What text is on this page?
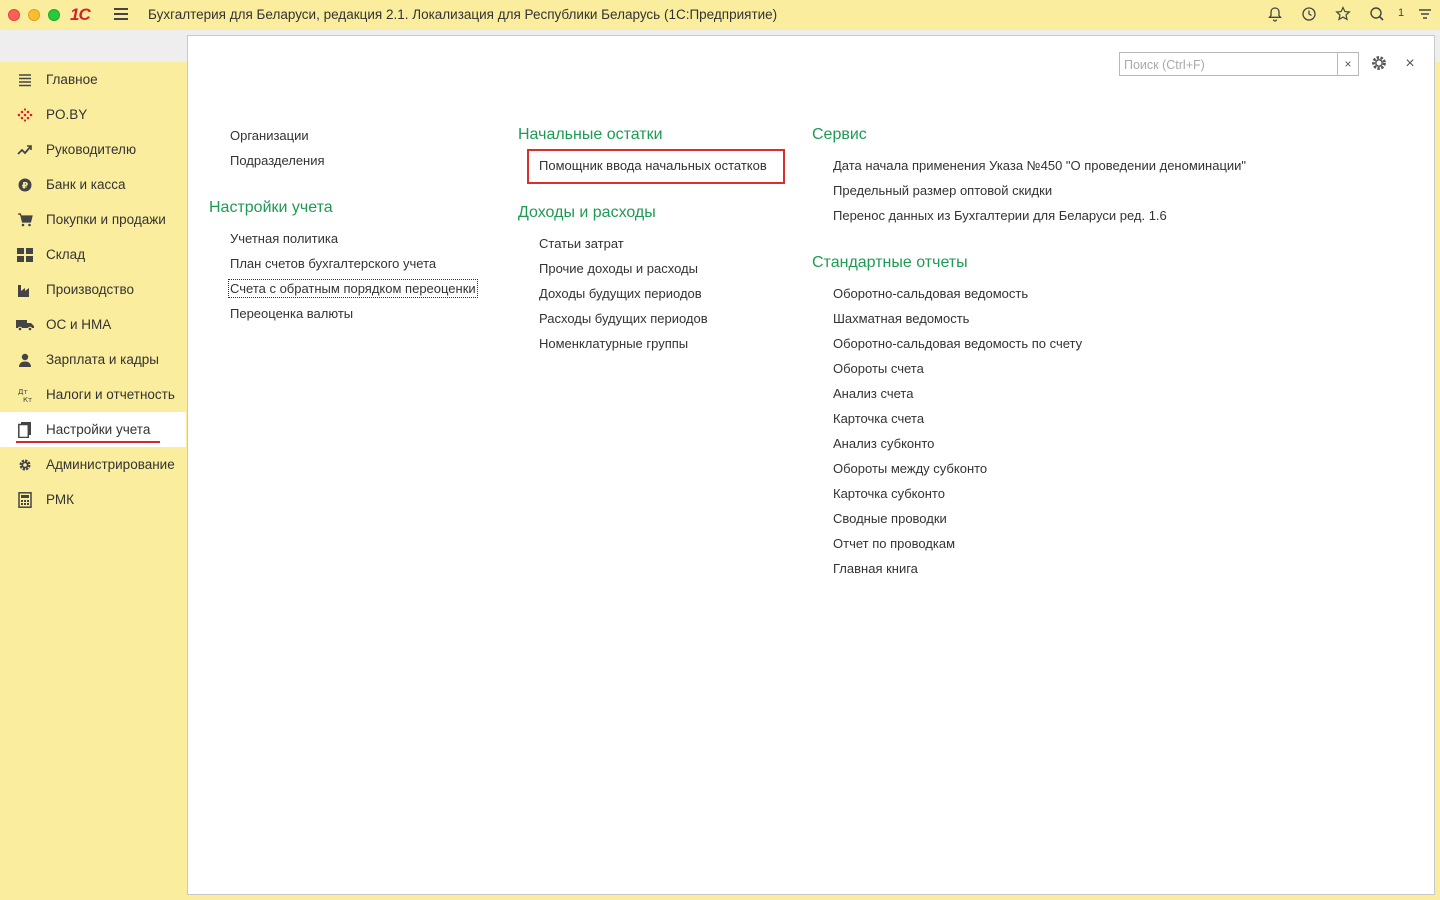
1С	Бухгалтерия для Беларуси, редакция 2.1. Локализация для Республики Беларусь (1С:Предприятие)	1
Главное
PO.BY
Руководителю
₽ Банк и касса
Покупки и продажи
Склад
Производство
ОС и НМА
Зарплата и кадры
Дт
Кт Налоги и отчетность
Настройки учета
Администрирование
РМК
Поиск (Ctrl+F)
×	×
Организации
Подразделения
Настройки учета
Учетная политика
План счетов бухгалтерского учета
Счета с обратным порядком переоценки
Переоценка валюты
Начальные остатки
Помощник ввода начальных остатков
Доходы и расходы
Статьи затрат
Прочие доходы и расходы
Доходы будущих периодов
Расходы будущих периодов
Номенклатурные группы
Сервис
Дата начала применения Указа №450 "О проведении деноминации"
Предельный размер оптовой скидки
Перенос данных из Бухгалтерии для Беларуси ред. 1.6
Стандартные отчеты
Оборотно-сальдовая ведомость
Шахматная ведомость
Оборотно-сальдовая ведомость по счету
Обороты счета
Анализ счета
Карточка счета
Анализ субконто
Обороты между субконто
Карточка субконто
Сводные проводки
Отчет по проводкам
Главная книга
